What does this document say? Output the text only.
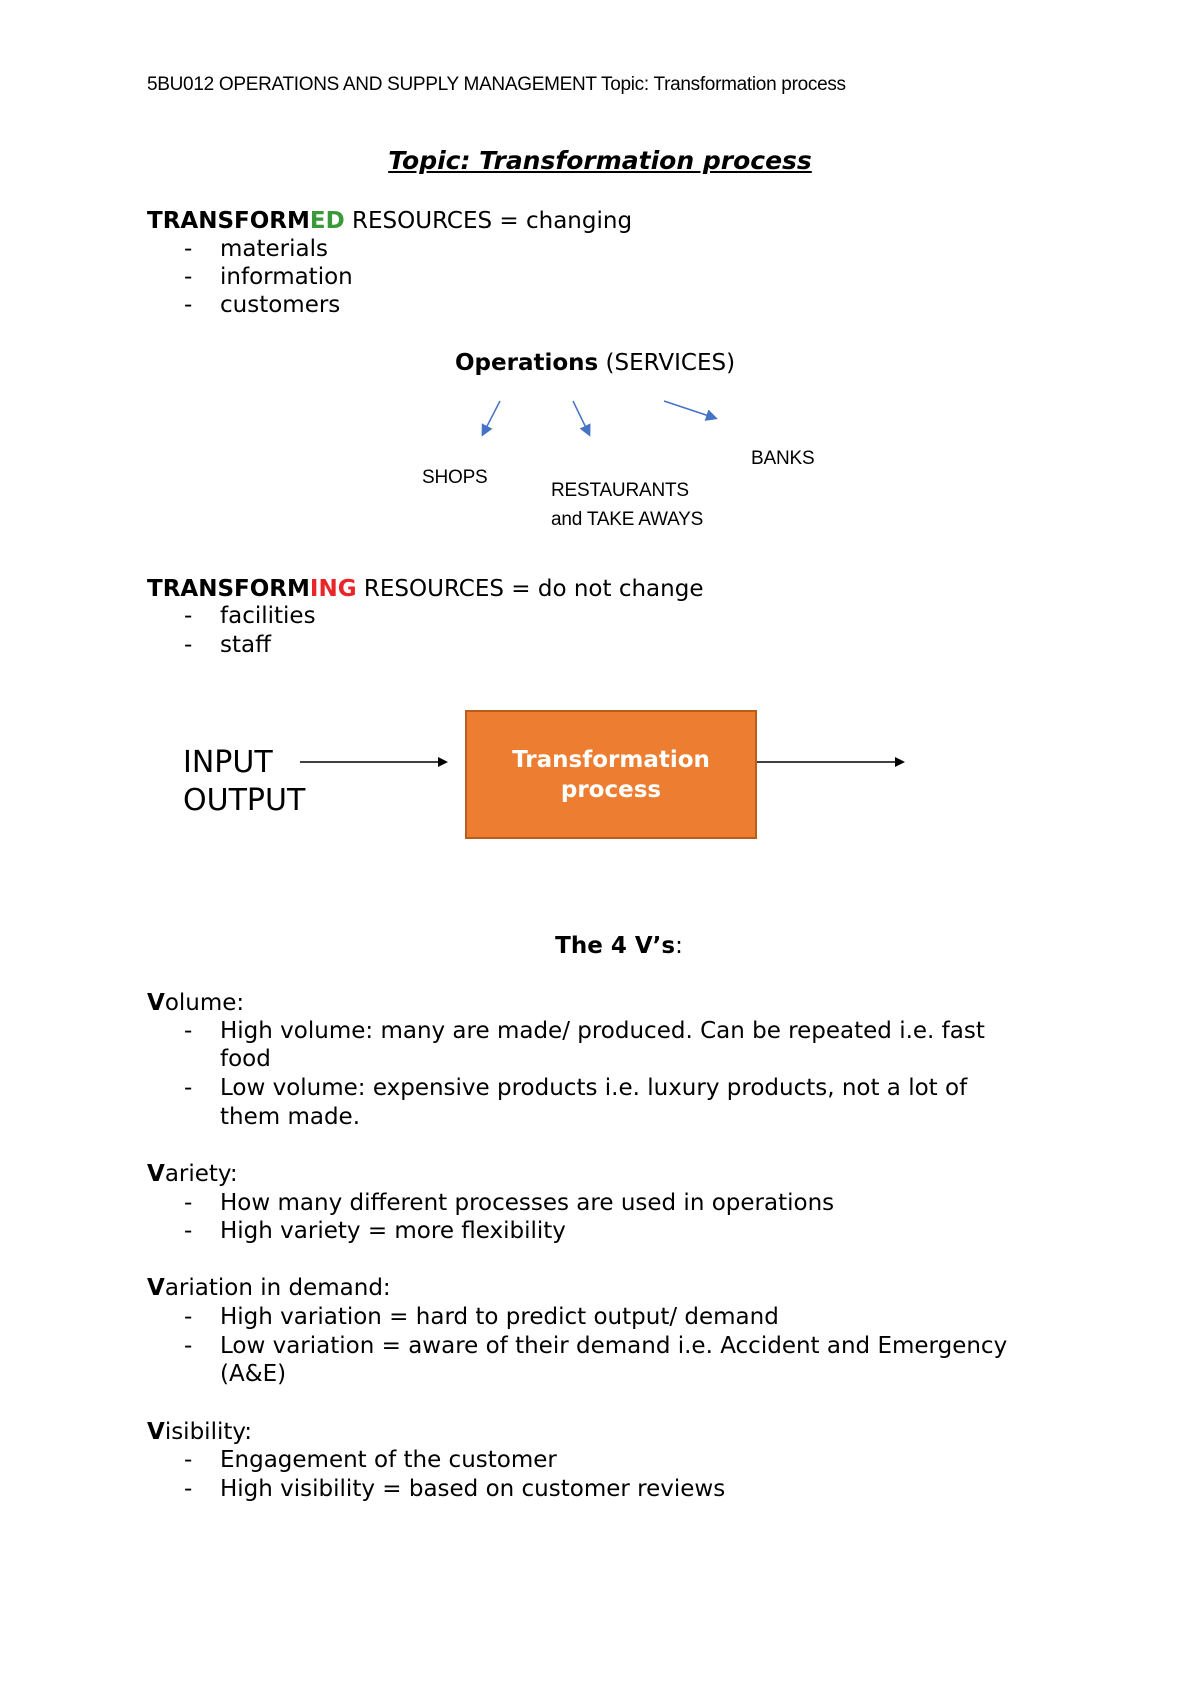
5BU012 OPERATIONS AND SUPPLY MANAGEMENT Topic: Transformation process
Topic: Transformation process
TRANSFORMED RESOURCES = changing
- materials
- information
- customers
Operations (SERVICES)
SHOPS
RESTAURANTS
and TAKE AWAYS
BANKS
TRANSFORMING RESOURCES = do not change
- facilities
- staff
INPUT
OUTPUT
Transformation
process
The 4 V’s:
Volume:
- High volume: many are made/ produced. Can be repeated i.e. fast
food
- Low volume: expensive products i.e. luxury products, not a lot of
them made.
Variety:
- How many different processes are used in operations
- High variety = more flexibility
Variation in demand:
- High variation = hard to predict output/ demand
- Low variation = aware of their demand i.e. Accident and Emergency
(A&E)
Visibility:
- Engagement of the customer
- High visibility = based on customer reviews
